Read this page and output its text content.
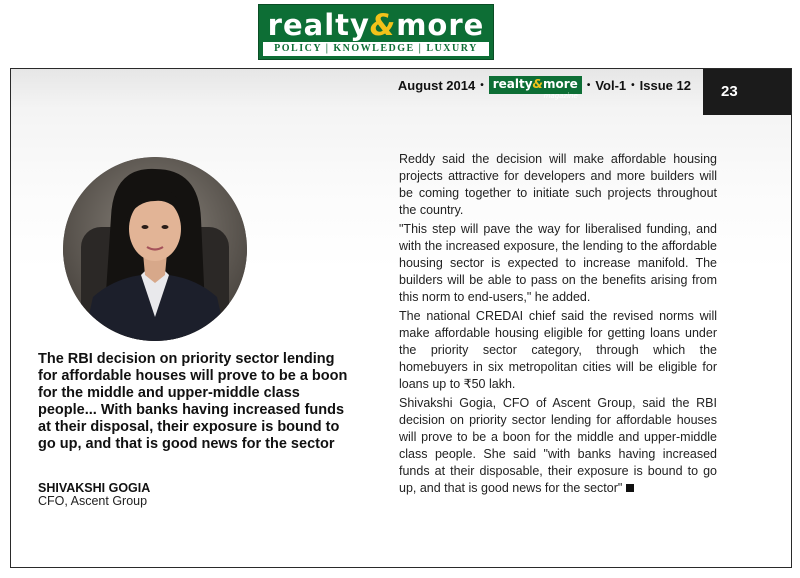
realty&more
POLICY | KNOWLEDGE | LUXURY
August 2014 • realty&more
magazine
• Vol-1 • Issue 12	23
The RBI decision on priority sector lending for affordable houses will prove to be a boon for the middle and upper-middle class people... With banks having increased funds at their disposal, their exposure is bound to go up, and that is good news for the sector
SHIVAKSHI GOGIA
CFO, Ascent Group

Reddy said the decision will make affordable housing projects attractive for developers and more builders will be coming together to initiate such projects throughout the country.

"This step will pave the way for liberalised funding, and with the increased exposure, the lending to the affordable housing sector is expected to increase manifold. The builders will be able to pass on the benefits arising from this norm to end-users," he added.

The national CREDAI chief said the revised norms will make affordable housing eligible for getting loans under the priority sector category, through which the homebuyers in six metropolitan cities will be eligible for loans up to ₹50 lakh.

Shivakshi Gogia, CFO of Ascent Group, said the RBI decision on priority sector lending for affordable houses will prove to be a boon for the middle and upper-middle class people. She said "with banks having increased funds at their disposable, their exposure is bound to go up, and that is good news for the sector"
